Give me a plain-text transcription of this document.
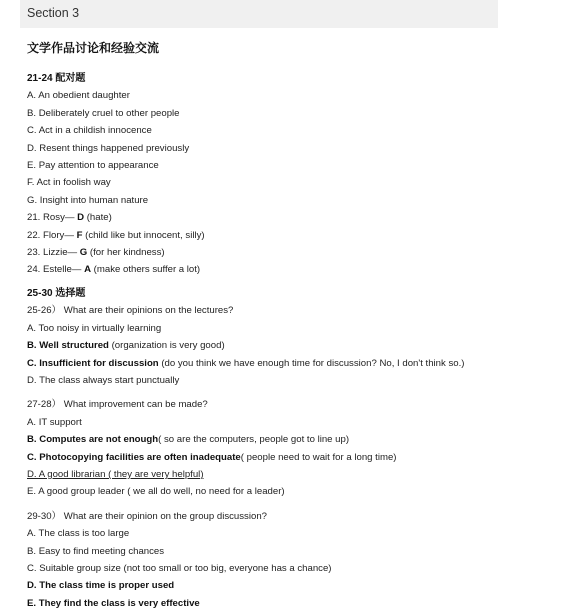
Section 3
文学作品讨论和经验交流
21-24 配对题
A. An obedient daughter
B. Deliberately cruel to other people
C. Act in a childish innocence
D. Resent things happened previously
E. Pay attention to appearance
F. Act in foolish way
G. Insight into human nature
21. Rosy— D (hate)
22. Flory— F (child like but innocent, silly)
23. Lizzie— G (for her kindness)
24. Estelle— A (make others suffer a lot)
25-30 选择题
25-26） What are their opinions on the lectures?
A. Too noisy in virtually learning
B. Well structured (organization is very good)
C. Insufficient for discussion (do you think we have enough time for discussion? No, I don't think so.)
D. The class always start punctually
27-28） What improvement can be made?
A. IT support
B. Computes are not enough( so are the computers, people got to line up)
C. Photocopying facilities are often inadequate( people need to wait for a long time)
D. A good librarian ( they are very helpful)
E. A good group leader ( we all do well, no need for a leader)
29-30） What are their opinion on the group discussion?
A. The class is too large
B. Easy to find meeting chances
C. Suitable group size (not too small or too big, everyone has a chance)
D. The class time is proper used
E. They find the class is very effective
